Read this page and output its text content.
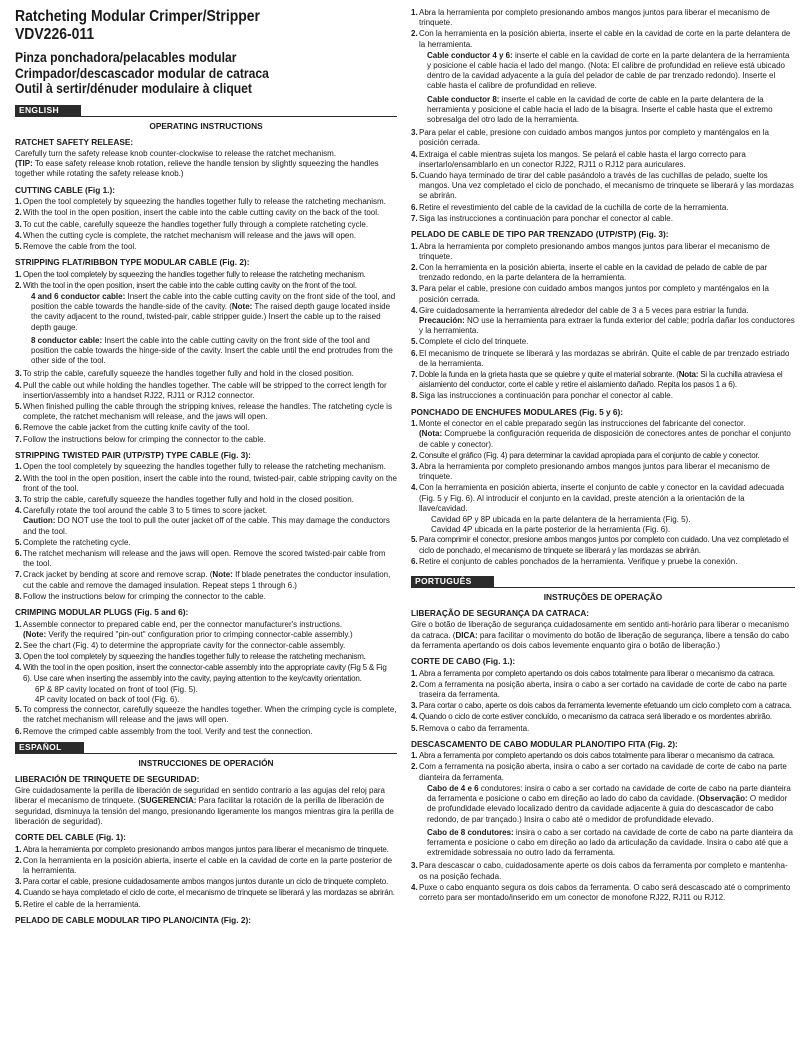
Ratcheting Modular Crimper/Stripper
VDV226-011
Pinza ponchadora/pelacables modular
Crimpador/descascador modular de catraca
Outil à sertir/dénuder modulaire à cliquet
ENGLISH
OPERATING INSTRUCTIONS
RATCHET SAFETY RELEASE:
Carefully turn the safety release knob counter-clockwise to release the ratchet mechanism.
(TIP: To ease safety release knob rotation, relieve the handle tension by slightly squeezing the handles together while rotating the safety release knob.)
CUTTING CABLE (Fig 1.):
1. Open the tool completely by squeezing the handles together fully to release the ratcheting mechanism.
2. With the tool in the open position, insert the cable into the cable cutting cavity on the back of the tool.
3. To cut the cable, carefully squeeze the handles together fully through a complete ratcheting cycle.
4. When the cutting cycle is complete, the ratchet mechanism will release and the jaws will open.
5. Remove the cable from the tool.
STRIPPING FLAT/RIBBON TYPE MODULAR CABLE (Fig. 2):
1. Open the tool completely by squeezing the handles together fully to release the ratcheting mechanism.
2. With the tool in the open position, insert the cable into the cable cutting cavity on the front of the tool.
4 and 6 conductor cable: Insert the cable into the cable cutting cavity on the front side of the tool, and position the cable towards the handle-side of the cavity. (Note: The raised depth gauge located inside the cavity adjacent to the round, twisted-pair, cable stripper guide.) Insert the cable up to the raised depth gauge.
8 conductor cable: Insert the cable into the cable cutting cavity on the front side of the tool and position the cable towards the hinge-side of the cavity. Insert the cable until the end protrudes from the other side of the tool.
3. To strip the cable, carefully squeeze the handles together fully and hold in the closed position.
4. Pull the cable out while holding the handles together. The cable will be stripped to the correct length for insertion/assembly into a handset RJ22, RJ11 or RJ12 connector.
5. When finished pulling the cable through the stripping knives, release the handles. The ratcheting cycle is complete, the ratchet mechanism will release, and the jaws will open.
6. Remove the cable jacket from the cutting knife cavity of the tool.
7. Follow the instructions below for crimping the connector to the cable.
STRIPPING TWISTED PAIR (UTP/STP) TYPE CABLE (Fig. 3):
1. Open the tool completely by squeezing the handles together fully to release the ratcheting mechanism.
2. With the tool in the open position, insert the cable into the round, twisted-pair, cable stripping cavity on the front of the tool.
3. To strip the cable, carefully squeeze the handles together fully and hold in the closed position.
4. Carefully rotate the tool around the cable 3 to 5 times to score jacket.
Caution: DO NOT use the tool to pull the outer jacket off of the cable. This may damage the conductors and the tool.
5. Complete the ratcheting cycle.
6. The ratchet mechanism will release and the jaws will open. Remove the scored twisted-pair cable from the tool.
7. Crack jacket by bending at score and remove scrap. (Note: If blade penetrates the conductor insulation, cut the cable and remove the damaged insulation. Repeat steps 1 through 6.)
8. Follow the instructions below for crimping the connector to the cable.
CRIMPING MODULAR PLUGS (Fig. 5 and 6):
1. Assemble connector to prepared cable end, per the connector manufacturer's instructions.
(Note: Verify the required "pin-out" configuration prior to crimping connector-cable assembly.)
2. See the chart (Fig. 4) to determine the appropriate cavity for the connector-cable assembly.
3. Open the tool completely by squeezing the handles together fully to release the ratcheting mechanism.
4. With the tool in the open position, insert the connector-cable assembly into the appropriate cavity (Fig 5 & Fig 6). Use care when inserting the assembly into the cavity, paying attention to the key/cavity orientation.
6P & 8P cavity located on front of tool (Fig. 5).
4P cavity located on back of tool (Fig. 6).
5. To compress the connector, carefully squeeze the handles together. When the crimping cycle is complete, the ratchet mechanism will release and the jaws will open.
6. Remove the crimped cable assembly from the tool. Verify and test the connection.
ESPAÑOL
INSTRUCCIONES DE OPERACIÓN
LIBERACIÓN DE TRINQUETE DE SEGURIDAD:
Gire cuidadosamente la perilla de liberación de seguridad en sentido contrario a las agujas del reloj para liberar el mecanismo de trinquete. (SUGERENCIA: Para facilitar la rotación de la perilla de liberación de seguridad, disminuya la tensión del mango, presionando ligeramente los mangos mientras gira la perilla de liberación de seguridad).
CORTE DEL CABLE (Fig. 1):
1. Abra la herramienta por completo presionando ambos mangos juntos para liberar el mecanismo de trinquete.
2. Con la herramienta en la posición abierta, inserte el cable en la cavidad de corte en la parte posterior de la herramienta.
3. Para cortar el cable, presione cuidadosamente ambos mangos juntos durante un ciclo de trinquete completo.
4. Cuando se haya completado el ciclo de corte, el mecanismo de trinquete se liberará y las mordazas se abrirán.
5. Retire el cable de la herramienta.
PELADO DE CABLE MODULAR TIPO PLANO/CINTA (Fig. 2):
1. Abra la herramienta por completo presionando ambos mangos juntos para liberar el mecanismo de trinquete.
2. Con la herramienta en la posición abierta, inserte el cable en la cavidad de corte en la parte delantera de la herramienta.
Cable conductor 4 y 6: inserte el cable en la cavidad de corte en la parte delantera de la herramienta y posicione el cable hacia el lado del mango. (Nota: El calibre de profundidad en relieve está ubicado dentro de la cavidad adyacente a la guía del pelador de cable de par trenzado redondo). Inserte el cable hasta el calibre de profundidad en relieve.
Cable conductor 8: inserte el cable en la cavidad de corte de cable en la parte delantera de la herramienta y posicione el cable hacia el lado de la bisagra. Inserte el cable hasta que el extremo sobresalga del otro lado de la herramienta.
3. Para pelar el cable, presione con cuidado ambos mangos juntos por completo y manténgalos en la posición cerrada.
4. Extraiga el cable mientras sujeta los mangos. Se pelará el cable hasta el largo correcto para insertarlo/ensamblarlo en un conector RJ22, RJ11 o RJ12 para auriculares.
5. Cuando haya terminado de tirar del cable pasándolo a través de las cuchillas de pelado, suelte los mangos. Una vez completado el ciclo de ponchado, el mecanismo de trinquete se liberará y las mordazas se abrirán.
6. Retire el revestimiento del cable de la cavidad de la cuchilla de corte de la herramienta.
7. Siga las instrucciones a continuación para ponchar el conector al cable.
PELADO DE CABLE DE TIPO PAR TRENZADO (UTP/STP) (Fig. 3):
1. Abra la herramienta por completo presionando ambos mangos juntos para liberar el mecanismo de trinquete.
2. Con la herramienta en la posición abierta, inserte el cable en la cavidad de pelado de cable de par trenzado redondo, en la parte delantera de la herramienta.
3. Para pelar el cable, presione con cuidado ambos mangos juntos por completo y manténgalos en la posición cerrada.
4. Gire cuidadosamente la herramienta alrededor del cable de 3 a 5 veces para estriar la funda.
Precaución: NO use la herramienta para extraer la funda exterior del cable; podría dañar los conductores y la herramienta.
5. Complete el ciclo del trinquete.
6. El mecanismo de trinquete se liberará y las mordazas se abrirán. Quite el cable de par trenzado estriado de la herramienta.
7. Doble la funda en la grieta hasta que se quiebre y quite el material sobrante. (Nota: Si la cuchilla atraviesa el aislamiento del conductor, corte el cable y retire el aislamiento dañado. Repita los pasos 1 a 6).
8. Siga las instrucciones a continuación para ponchar el conector al cable.
PONCHADO DE ENCHUFES MODULARES (Fig. 5 y 6):
1. Monte el conector en el cable preparado según las instrucciones del fabricante del conector.
(Nota: Compruebe la configuración requerida de disposición de conectores antes de ponchar el conjunto de cable y conector).
2. Consulte el gráfico (Fig. 4) para determinar la cavidad apropiada para el conjunto de cable y conector.
3. Abra la herramienta por completo presionando ambos mangos juntos para liberar el mecanismo de trinquete.
4. Con la herramienta en posición abierta, inserte el conjunto de cable y conector en la cavidad adecuada (Fig. 5 y Fig. 6). Al introducir el conjunto en la cavidad, preste atención a la orientación de la llave/cavidad.
Cavidad 6P y 8P ubicada en la parte delantera de la herramienta (Fig. 5).
Cavidad 4P ubicada en la parte posterior de la herramienta (Fig. 6).
5. Para comprimir el conector, presione ambos mangos juntos por completo con cuidado. Una vez completado el ciclo de ponchado, el mecanismo de trinquete se liberará y las mordazas se abrirán.
6. Retire el conjunto de cables ponchados de la herramienta. Verifique y pruebe la conexión.
PORTUGUÊS
INSTRUÇÕES DE OPERAÇÃO
LIBERAÇÃO DE SEGURANÇA DA CATRACA:
Gire o botão de liberação de segurança cuidadosamente em sentido anti-horário para liberar o mecanismo da catraca. (DICA: para facilitar o movimento do botão de liberação de segurança, libere a tensão do cabo da ferramenta apertando os dois cabos levemente enquanto gira o botão de liberação.)
CORTE DE CABO (Fig. 1.):
1. Abra a ferramenta por completo apertando os dois cabos totalmente para liberar o mecanismo da catraca.
2. Com a ferramenta na posição aberta, insira o cabo a ser cortado na cavidade de corte de cabo na parte traseira da ferramenta.
3. Para cortar o cabo, aperte os dois cabos da ferramenta levemente efetuando um ciclo completo com a catraca.
4. Quando o ciclo de corte estiver concluído, o mecanismo da catraca será liberado e os mordentes abrirão.
5. Remova o cabo da ferramenta.
DESCASCAMENTO DE CABO MODULAR PLANO/TIPO FITA (Fig. 2):
1. Abra a ferramenta por completo apertando os dois cabos totalmente para liberar o mecanismo da catraca.
2. Com a ferramenta na posição aberta, insira o cabo a ser cortado na cavidade de corte de cabo na parte dianteira da ferramenta.
Cabo de 4 e 6 condutores: insira o cabo a ser cortado na cavidade de corte de cabo na parte dianteira da ferramenta e posicione o cabo em direção ao lado do cabo da cavidade. (Observação: O medidor de profundidade elevado localizado dentro da cavidade adjacente à guia do descascador de cabo redondo, de par trançado.) Insira o cabo até o medidor de profundidade elevado.
Cabo de 8 condutores: insira o cabo a ser cortado na cavidade de corte de cabo na parte dianteira da ferramenta e posicione o cabo em direção ao lado da articulação da cavidade. Insira o cabo até que a extremidade sobressaia no outro lado da ferramenta.
3. Para descascar o cabo, cuidadosamente aperte os dois cabos da ferramenta por completo e mantenha-os na posição fechada.
4. Puxe o cabo enquanto segura os dois cabos da ferramenta. O cabo será descascado até o comprimento correto para ser montado/inserido em um conector de monofone RJ22, RJ11 ou RJ12.
